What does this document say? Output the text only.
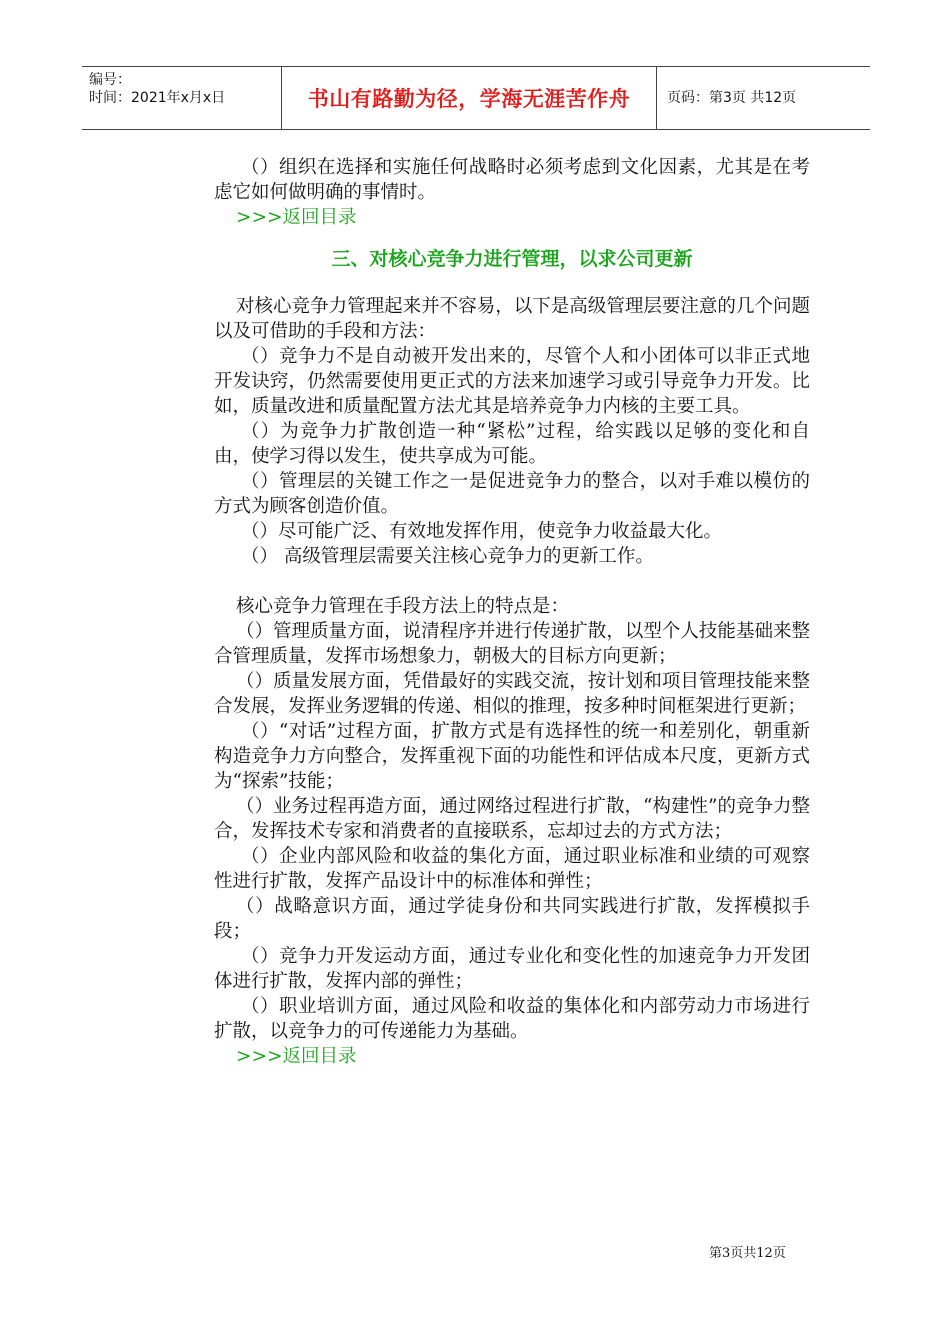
编号：
时间：2021年x月x日	书山有路勤为径，学海无涯苦作舟	页码：第3页 共12页

（）组织在选择和实施任何战略时必须考虑到文化因素，尤其是在考虑它如何做明确的事情时。

>>>返回目录
三、对核心竞争力进行管理，以求公司更新

对核心竞争力管理起来并不容易，以下是高级管理层要注意的几个问题以及可借助的手段和方法：

（）竞争力不是自动被开发出来的，尽管个人和小团体可以非正式地开发诀窍，仍然需要使用更正式的方法来加速学习或引导竞争力开发。比如，质量改进和质量配置方法尤其是培养竞争力内核的主要工具。

（）为竞争力扩散创造一种“紧松”过程，给实践以足够的变化和自由，使学习得以发生，使共享成为可能。

（）管理层的关键工作之一是促进竞争力的整合，以对手难以模仿的方式为顾客创造价值。

（）尽可能广泛、有效地发挥作用，使竞争力收益最大化。

（） 高级管理层需要关注核心竞争力的更新工作。

核心竞争力管理在手段方法上的特点是：

（）管理质量方面，说清程序并进行传递扩散，以型个人技能基础来整合管理质量，发挥市场想象力，朝极大的目标方向更新；

（）质量发展方面，凭借最好的实践交流，按计划和项目管理技能来整合发展，发挥业务逻辑的传递、相似的推理，按多种时间框架进行更新；

（）“对话”过程方面，扩散方式是有选择性的统一和差别化，朝重新构造竞争力方向整合，发挥重视下面的功能性和评估成本尺度，更新方式为“探索”技能；

（）业务过程再造方面，通过网络过程进行扩散，“构建性”的竞争力整合，发挥技术专家和消费者的直接联系，忘却过去的方式方法；

（）企业内部风险和收益的集化方面，通过职业标准和业绩的可观察性进行扩散，发挥产品设计中的标准体和弹性；

（）战略意识方面，通过学徒身份和共同实践进行扩散，发挥模拟手段；

（）竞争力开发运动方面，通过专业化和变化性的加速竞争力开发团体进行扩散，发挥内部的弹性；

（）职业培训方面，通过风险和收益的集体化和内部劳动力市场进行扩散，以竞争力的可传递能力为基础。

>>>返回目录
第3页共12页
